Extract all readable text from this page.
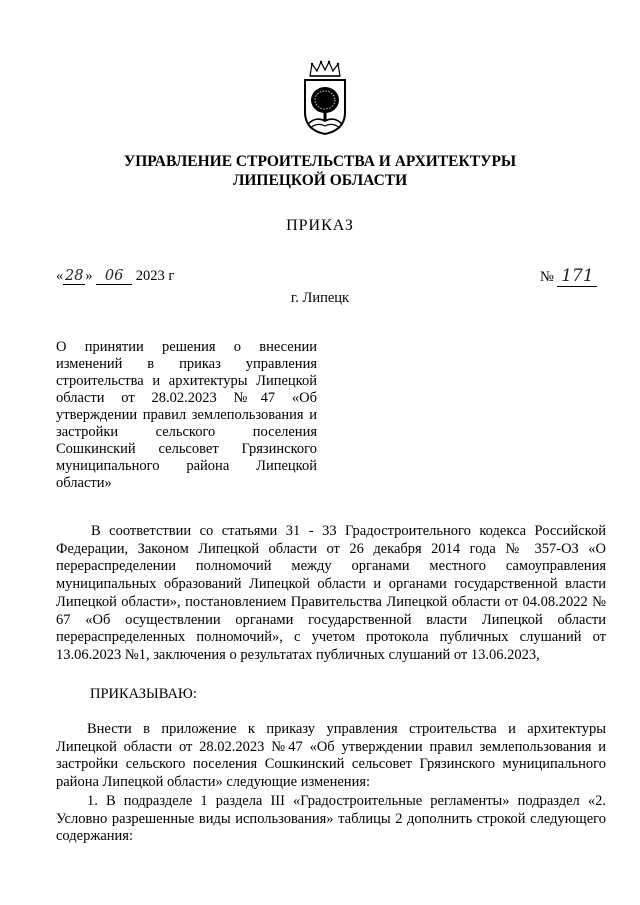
УПРАВЛЕНИЕ СТРОИТЕЛЬСТВА И АРХИТЕКТУРЫ
ЛИПЕЦКОЙ ОБЛАСТИ
ПРИКАЗ
« 28 » 06 2023 г	№ 171
г. Липецк
О принятии решения о внесении изменений в приказ управления строительства и архитектуры Липецкой области от 28.02.2023 №47 «Об утверждении правил землепользования и застройки сельского поселения Сошкинский сельсовет Грязинского муниципального района Липецкой области»
В соответствии со статьями 31 - 33 Градостроительного кодекса Российской Федерации, Законом Липецкой области от 26 декабря 2014 года № 357-ОЗ «О перераспределении полномочий между органами местного самоуправления муниципальных образований Липецкой области и органами государственной власти Липецкой области», постановлением Правительства Липецкой области от 04.08.2022 № 67 «Об осуществлении органами государственной власти Липецкой области перераспределенных полномочий», с учетом протокола публичных слушаний от 13.06.2023 №1, заключения о результатах публичных слушаний от 13.06.2023,
ПРИКАЗЫВАЮ:
Внести в приложение к приказу управления строительства и архитектуры Липецкой области от 28.02.2023 №47 «Об утверждении правил землепользования и застройки сельского поселения Сошкинский сельсовет Грязинского муниципального района Липецкой области» следующие изменения:
1. В подразделе 1 раздела III «Градостроительные регламенты» подраздел «2. Условно разрешенные виды использования» таблицы 2 дополнить строкой следующего содержания:
